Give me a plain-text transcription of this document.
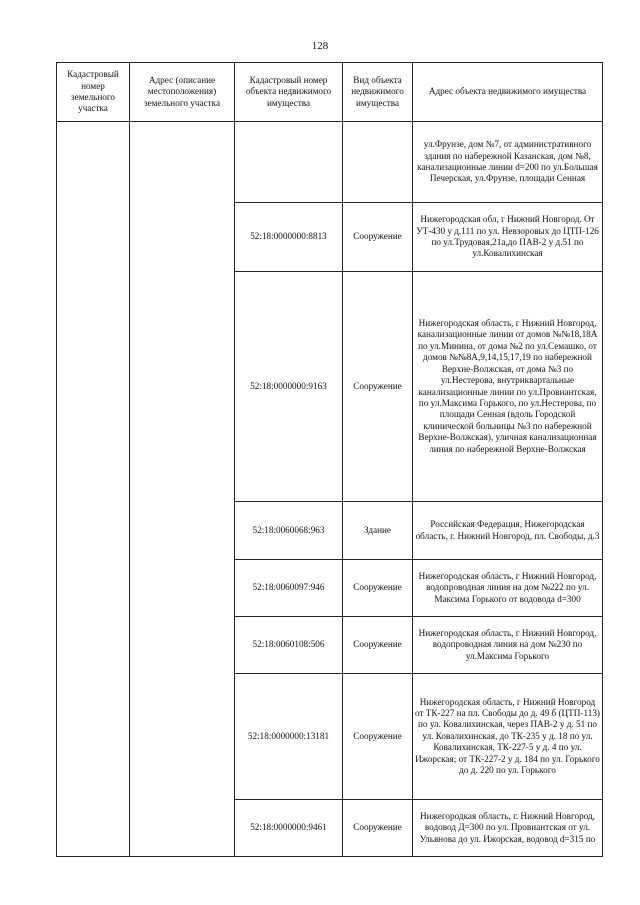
128
Кадастровый номер земельного участка	Адрес (описание местоположения) земельного участка	Кадастровый номер объекта недвижимого имущества	Вид объекта недвижимого имущества	Адрес объекта недвижимого имущества
				ул.Фрунзе, дом №7, от административного здания по набережной Казанская, дом №8, канализационные линии d=200 по ул.Большая Печерская, ул.Фрунзе, площади Сенная
		52:18:0000000:8813	Сооружение	Нижегородская обл, г Нижний Новгород. От УТ-430 у д.111 по ул. Невзоровых до ЦТП-126 по ул.Трудовая,21а,до ПАВ-2 у д.51 по ул.Ковалихинская
		52:18:0000000:9163	Сооружение	Нижегородская область, г Нижний Новгород, канализационные линии от домов №№18,18А по ул.Минина, от дома №2 по ул.Семашко, от домов №№8А,9,14,15,17,19 по набережной Верхне-Волжская, от дома №3 по ул.Нестерова, внутриквартальные канализационные линии по ул.Провиантская, по ул.Максима Горького, по ул.Нестерова, по площади Сенная (вдоль Городской клинической больницы №3 по набережной Верхне-Волжская), уличная канализационная линия по набережной Верхне-Волжская
		52:18:0060068:963	Здание	Российская Федерация, Нижегородская область, г. Нижний Новгород, пл. Свободы, д.3
		52:18:0060097:946	Сооружение	Нижегородская область, г Нижний Новгород, водопроводная линия на дом №222 по ул. Максима Горького от водовода d=300
		52:18:0060108:506	Сооружение	Нижегородская область, г Нижний Новгород, водопроводная линия на дом №230 по ул.Максима Горького
		52:18:0000000:13181	Сооружение	Нижегородская область, г Нижний Новгород от ТК-227 на пл. Свободы до д. 49 б (ЦТП-113) по ул. Ковалихинская, через ПАВ-2 у д. 51 по ул. Ковалихинская, до ТК-235 у д. 18 по ул. Ковалихинская, ТК-227-5 у д. 4 по ул. Ижорская; от ТК-227-2 у д. 184 по ул. Горького до д. 220 по ул. Горького
		52:18:0000000:9461	Сооружение	Нижегородкая область, г. Нижний Новгород, водовод Д=300 по ул. Провиантская от ул. Ульянова до ул. Ижорская, водовод d=315 по
